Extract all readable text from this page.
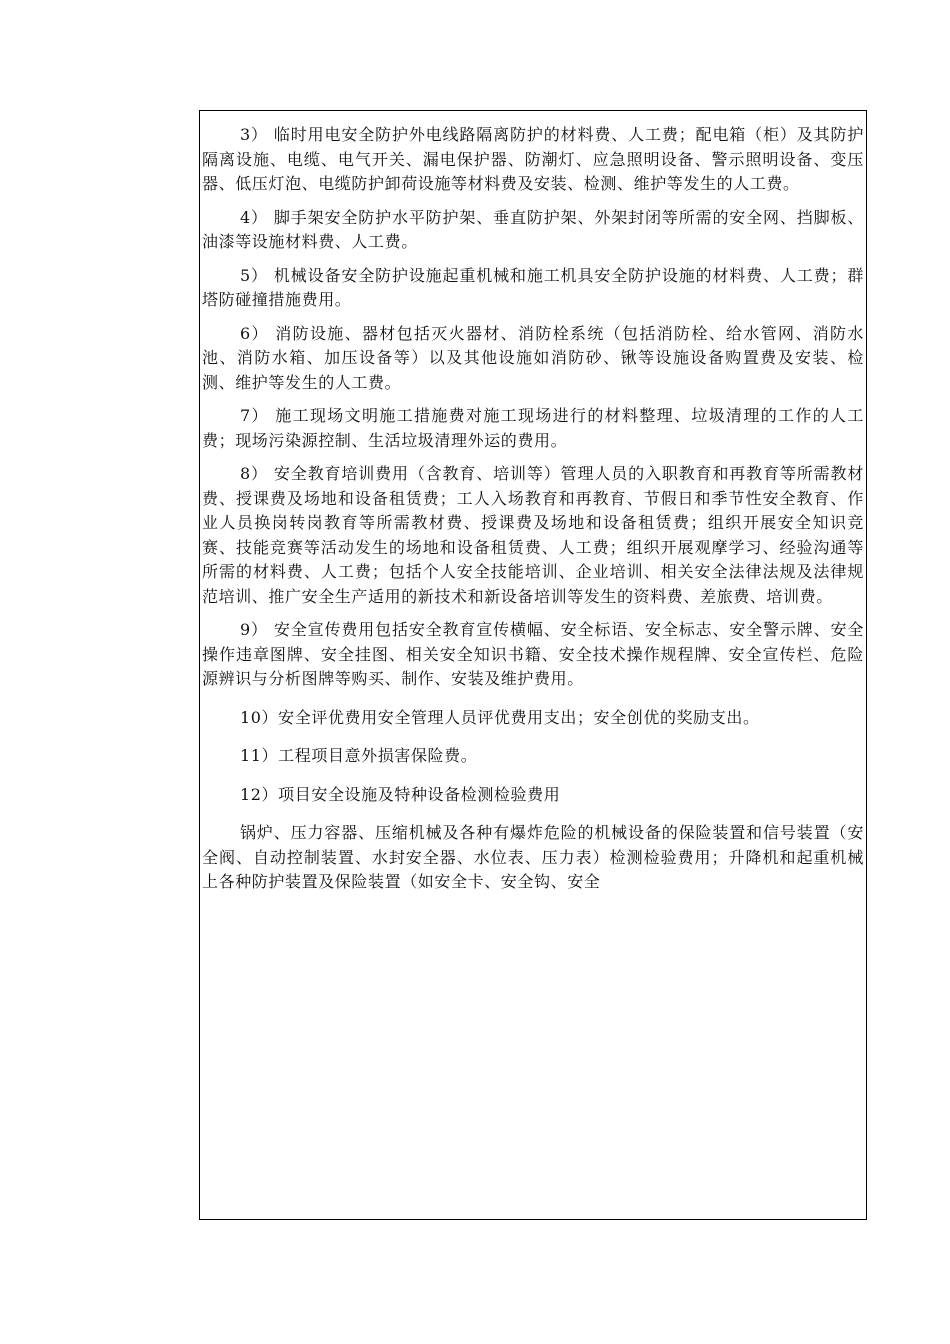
3） 临时用电安全防护外电线路隔离防护的材料费、人工费；配电箱（柜）及其防护隔离设施、电缆、电气开关、漏电保护器、防潮灯、应急照明设备、警示照明设备、变压器、低压灯泡、电缆防护卸荷设施等材料费及安装、检测、维护等发生的人工费。

4） 脚手架安全防护水平防护架、垂直防护架、外架封闭等所需的安全网、挡脚板、油漆等设施材料费、人工费。

5） 机械设备安全防护设施起重机械和施工机具安全防护设施的材料费、人工费；群塔防碰撞措施费用。

6） 消防设施、器材包括灭火器材、消防栓系统（包括消防栓、给水管网、消防水池、消防水箱、加压设备等）以及其他设施如消防砂、锹等设施设备购置费及安装、检测、维护等发生的人工费。

7） 施工现场文明施工措施费对施工现场进行的材料整理、垃圾清理的工作的人工费；现场污染源控制、生活垃圾清理外运的费用。

8） 安全教育培训费用（含教育、培训等）管理人员的入职教育和再教育等所需教材费、授课费及场地和设备租赁费；工人入场教育和再教育、节假日和季节性安全教育、作业人员换岗转岗教育等所需教材费、授课费及场地和设备租赁费；组织开展安全知识竞赛、技能竞赛等活动发生的场地和设备租赁费、人工费；组织开展观摩学习、经验沟通等所需的材料费、人工费；包括个人安全技能培训、企业培训、相关安全法律法规及法律规范培训、推广安全生产适用的新技术和新设备培训等发生的资料费、差旅费、培训费。

9） 安全宣传费用包括安全教育宣传横幅、安全标语、安全标志、安全警示牌、安全操作违章图牌、安全挂图、相关安全知识书籍、安全技术操作规程牌、安全宣传栏、危险源辨识与分析图牌等购买、制作、安装及维护费用。

10）安全评优费用安全管理人员评优费用支出；安全创优的奖励支出。

11）工程项目意外损害保险费。

12）项目安全设施及特种设备检测检验费用

锅炉、压力容器、压缩机械及各种有爆炸危险的机械设备的保险装置和信号装置（安全阀、自动控制装置、水封安全器、水位表、压力表）检测检验费用；升降机和起重机械上各种防护装置及保险装置（如安全卡、安全钩、安全
